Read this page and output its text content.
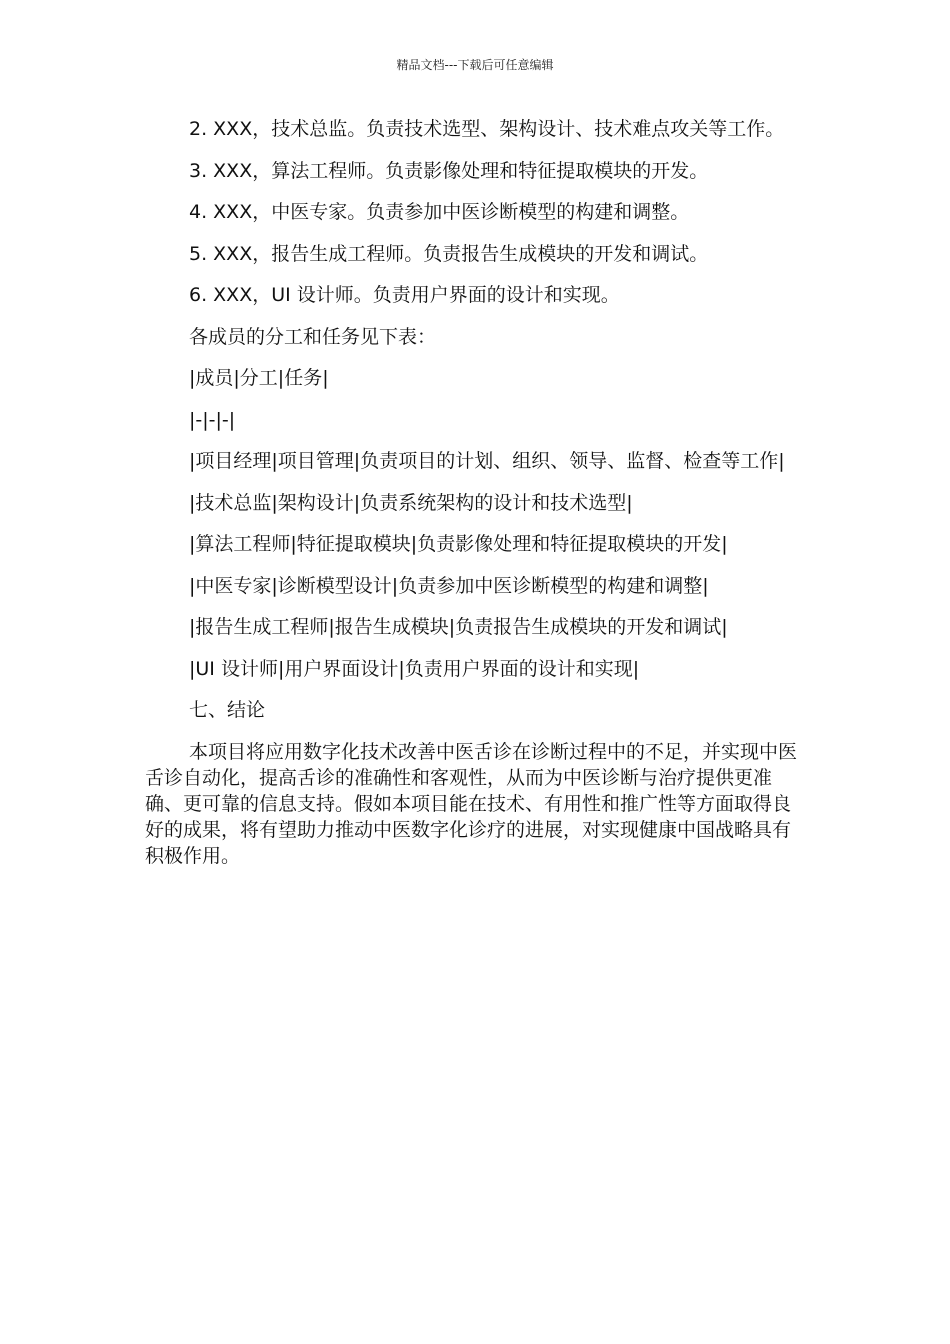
精品文档---下载后可任意编辑

2. XXX，技术总监。负责技术选型、架构设计、技术难点攻关等工作。

3. XXX，算法工程师。负责影像处理和特征提取模块的开发。

4. XXX，中医专家。负责参加中医诊断模型的构建和调整。

5. XXX，报告生成工程师。负责报告生成模块的开发和调试。

6. XXX，UI 设计师。负责用户界面的设计和实现。

各成员的分工和任务见下表：

|成员|分工|任务|

|-|-|-|

|项目经理|项目管理|负责项目的计划、组织、领导、监督、检查等工作|

|技术总监|架构设计|负责系统架构的设计和技术选型|

|算法工程师|特征提取模块|负责影像处理和特征提取模块的开发|

|中医专家|诊断模型设计|负责参加中医诊断模型的构建和调整|

|报告生成工程师|报告生成模块|负责报告生成模块的开发和调试|

|UI 设计师|用户界面设计|负责用户界面的设计和实现|

七、结论

本项目将应用数字化技术改善中医舌诊在诊断过程中的不足，并实现中医舌诊自动化，提高舌诊的准确性和客观性，从而为中医诊断与治疗提供更准确、更可靠的信息支持。假如本项目能在技术、有用性和推广性等方面取得良好的成果，将有望助力推动中医数字化诊疗的进展，对实现健康中国战略具有积极作用。
